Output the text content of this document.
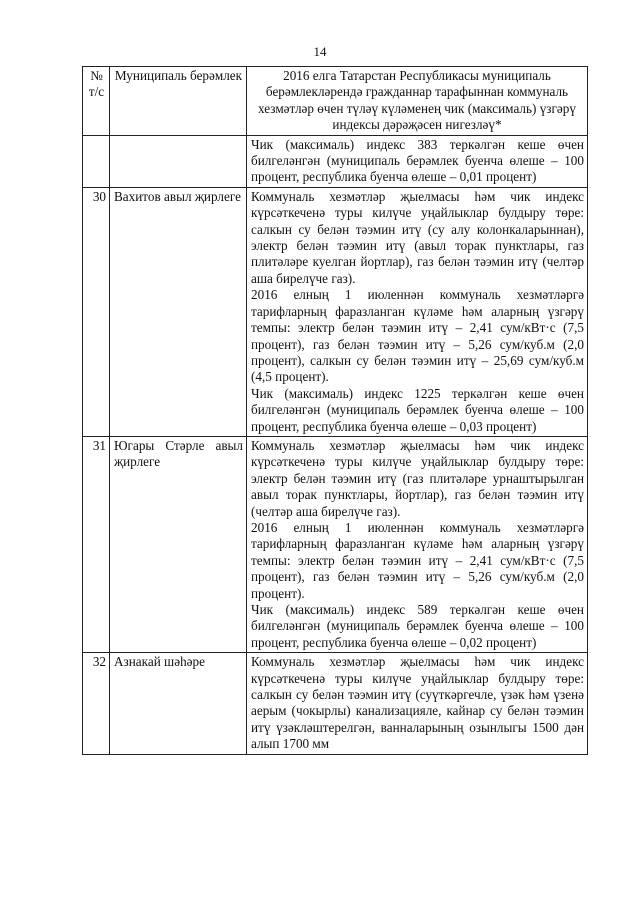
14
№ т/с	Муниципаль берәмлек	2016 елга Татарстан Республикасы муниципаль берәмлекләрендә гражданнар тарафыннан коммуналь хезмәтләр өчен түләү күләменең чик (максималь) үзгәрү индексы дәрәҗәсен нигезләү*

		Чик (максималь) индекс 383 теркәлгән кеше өчен билгеләнгән (муниципаль берәмлек буенча өлеше – 100 процент, республика буенча өлеше – 0,01 процент)

30	Вахитов авыл җирлеге	Коммуналь хезмәтләр җыелмасы һәм чик индекс күрсәткеченә туры килүче уңайлыклар булдыру төре: салкын су белән тәэмин итү (су алу колонкаларыннан), электр белән тәэмин итү (авыл торак пунктлары, газ плитәләре куелган йортлар), газ белән тәэмин итү (челтәр аша бирелүче газ).

2016 елның 1 июленнән коммуналь хезмәтләргә тарифларның фаразланган күләме һәм аларның үзгәрү темпы: электр белән тәэмин итү – 2,41 сум/кВт·с (7,5 процент), газ белән тәэмин итү – 5,26 сум/куб.м (2,0 процент), салкын су белән тәэмин итү – 25,69 сум/куб.м (4,5 процент).

Чик (максималь) индекс 1225 теркәлгән кеше өчен билгеләнгән (муниципаль берәмлек буенча өлеше – 100 процент, республика буенча өлеше – 0,03 процент)

31	Югары Стәрле авыл җирлеге	Коммуналь хезмәтләр җыелмасы һәм чик индекс күрсәткеченә туры килүче уңайлыклар булдыру төре: электр белән тәэмин итү (газ плитәләре урнаштырылган авыл торак пунктлары, йортлар), газ белән тәэмин итү (челтәр аша бирелүче газ).

2016 елның 1 июленнән коммуналь хезмәтләргә тарифларның фаразланган күләме һәм аларның үзгәрү темпы: электр белән тәэмин итү – 2,41 сум/кВт·с (7,5 процент), газ белән тәэмин итү – 5,26 сум/куб.м (2,0 процент).

Чик (максималь) индекс 589 теркәлгән кеше өчен билгеләнгән (муниципаль берәмлек буенча өлеше – 100 процент, республика буенча өлеше – 0,02 процент)

32	Азнакай шәһәре	Коммуналь хезмәтләр җыелмасы һәм чик индекс күрсәткеченә туры килүче уңайлыклар булдыру төре: салкын су белән тәэмин итү (суүткәргечле, үзәк һәм үзенә аерым (чокырлы) канализацияле, кайнар су белән тәэмин итү үзәкләштерелгән, ванналарының озынлыгы 1500 дән алып 1700 мм
